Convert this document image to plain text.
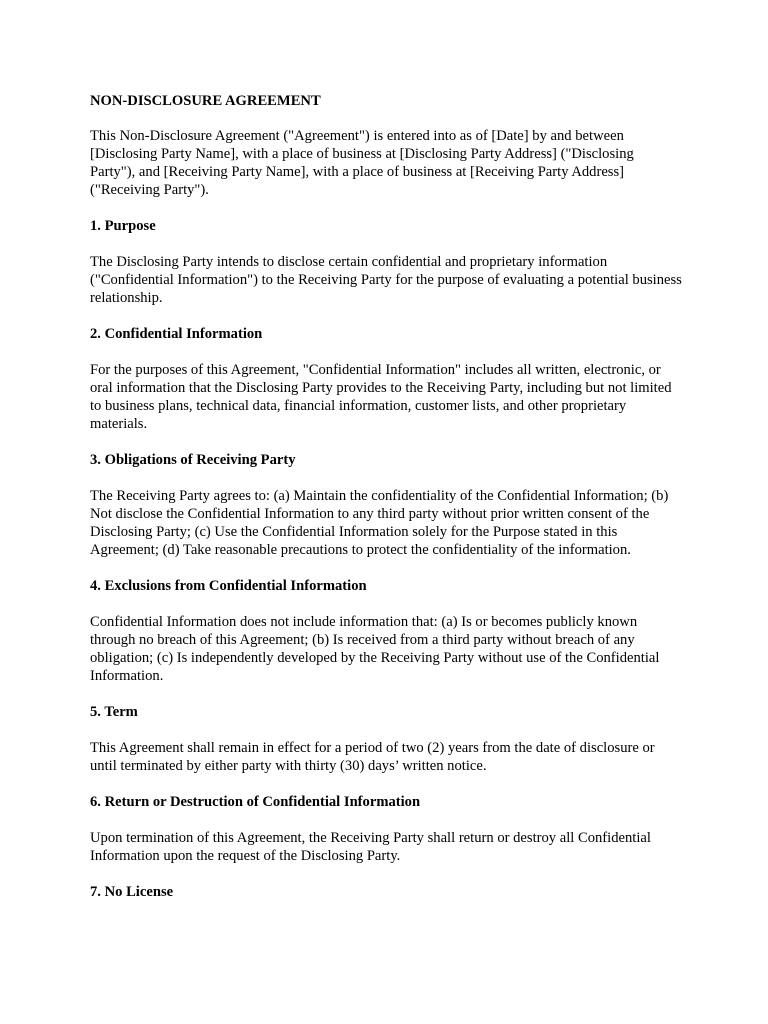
NON-DISCLOSURE AGREEMENT
This Non-Disclosure Agreement ("Agreement") is entered into as of [Date] by and between [Disclosing Party Name], with a place of business at [Disclosing Party Address] ("Disclosing Party"), and [Receiving Party Name], with a place of business at [Receiving Party Address] ("Receiving Party").
1. Purpose
The Disclosing Party intends to disclose certain confidential and proprietary information ("Confidential Information") to the Receiving Party for the purpose of evaluating a potential business relationship.
2. Confidential Information
For the purposes of this Agreement, "Confidential Information" includes all written, electronic, or oral information that the Disclosing Party provides to the Receiving Party, including but not limited to business plans, technical data, financial information, customer lists, and other proprietary materials.
3. Obligations of Receiving Party
The Receiving Party agrees to: (a) Maintain the confidentiality of the Confidential Information; (b) Not disclose the Confidential Information to any third party without prior written consent of the Disclosing Party; (c) Use the Confidential Information solely for the Purpose stated in this Agreement; (d) Take reasonable precautions to protect the confidentiality of the information.
4. Exclusions from Confidential Information
Confidential Information does not include information that: (a) Is or becomes publicly known through no breach of this Agreement; (b) Is received from a third party without breach of any obligation; (c) Is independently developed by the Receiving Party without use of the Confidential Information.
5. Term
This Agreement shall remain in effect for a period of two (2) years from the date of disclosure or until terminated by either party with thirty (30) days’ written notice.
6. Return or Destruction of Confidential Information
Upon termination of this Agreement, the Receiving Party shall return or destroy all Confidential Information upon the request of the Disclosing Party.
7. No License
